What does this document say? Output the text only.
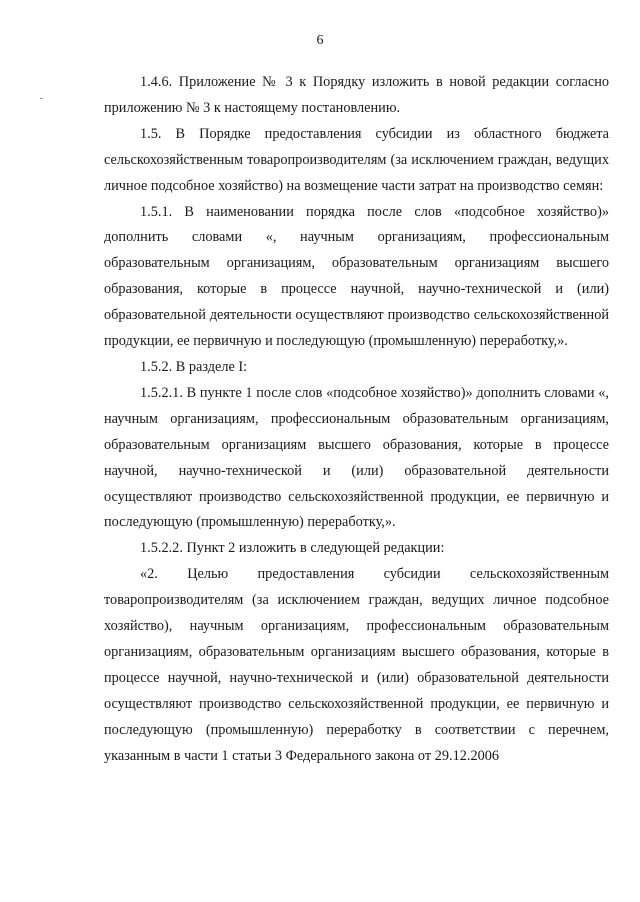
6

1.4.6. Приложение № 3 к Порядку изложить в новой редакции согласно приложению № 3 к настоящему постановлению.

1.5. В Порядке предоставления субсидии из областного бюджета сельскохозяйственным товаропроизводителям (за исключением граждан, ведущих личное подсобное хозяйство) на возмещение части затрат на производство семян:

1.5.1. В наименовании порядка после слов «подсобное хозяйство)» дополнить словами «, научным организациям, профессиональным образовательным организациям, образовательным организациям высшего образования, которые в процессе научной, научно-технической и (или) образовательной деятельности осуществляют производство сельскохозяйственной продукции, ее первичную и последующую (промышленную) переработку,».

1.5.2. В разделе I:

1.5.2.1. В пункте 1 после слов «подсобное хозяйство)» дополнить словами «, научным организациям, профессиональным образовательным организациям, образовательным организациям высшего образования, которые в процессе научной, научно-технической и (или) образовательной деятельности осуществляют производство сельскохозяйственной продукции, ее первичную и последующую (промышленную) переработку,».

1.5.2.2. Пункт 2 изложить в следующей редакции:

«2. Целью предоставления субсидии сельскохозяйственным товаропроизводителям (за исключением граждан, ведущих личное подсобное хозяйство), научным организациям, профессиональным образовательным организациям, образовательным организациям высшего образования, которые в процессе научной, научно-технической и (или) образовательной деятельности осуществляют производство сельскохозяйственной продукции, ее первичную и последующую (промышленную) переработку в соответствии с перечнем, указанным в части 1 статьи 3 Федерального закона от 29.12.2006
